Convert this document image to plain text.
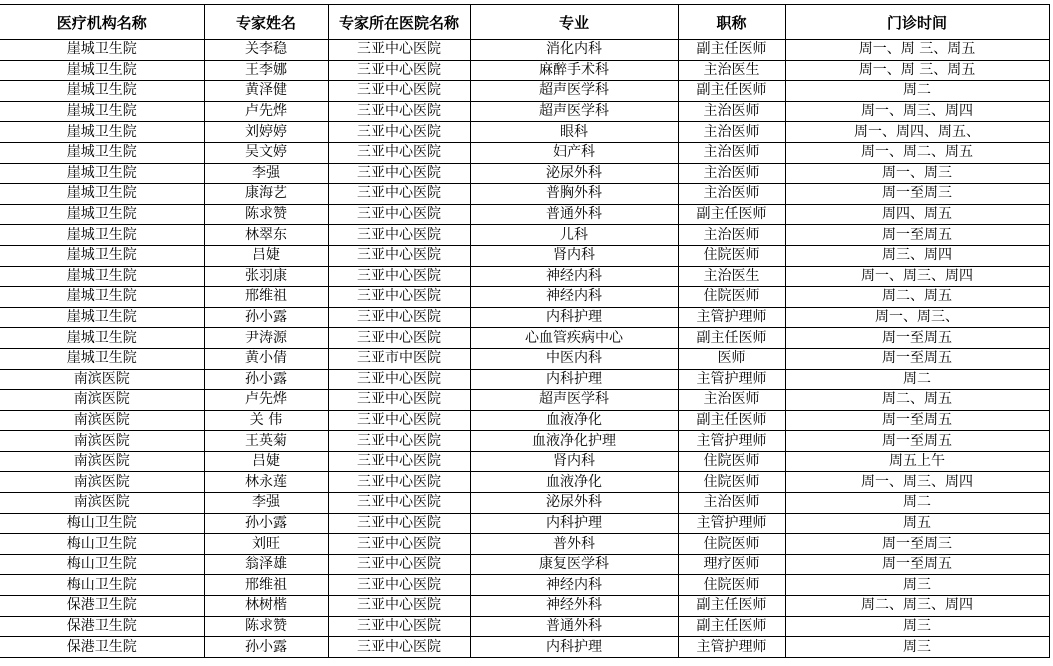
医疗机构名称	专家姓名	专家所在医院名称	专业	职称	门诊时间
崖城卫生院	关李稳	三亚中心医院	消化内科	副主任医师	周一、周 三、周五
崖城卫生院	王李娜	三亚中心医院	麻醉手术科	主治医生	周一、周 三、周五
崖城卫生院	黄泽健	三亚中心医院	超声医学科	副主任医师	周二
崖城卫生院	卢先烨	三亚中心医院	超声医学科	主治医师	周一、周三、周四
崖城卫生院	刘婷婷	三亚中心医院	眼科	主治医师	周一、周四、周五、
崖城卫生院	吴文婷	三亚中心医院	妇产科	主治医师	周一、周二、周五
崖城卫生院	李强	三亚中心医院	泌尿外科	主治医师	周一、周三
崖城卫生院	康海艺	三亚中心医院	普胸外科	主治医师	周一至周三
崖城卫生院	陈求赞	三亚中心医院	普通外科	副主任医师	周四、周五
崖城卫生院	林翠东	三亚中心医院	儿科	主治医师	周一至周五
崖城卫生院	吕婕	三亚中心医院	肾内科	住院医师	周三、周四
崖城卫生院	张羽康	三亚中心医院	神经内科	主治医生	周一、周三、周四
崖城卫生院	邢维祖	三亚中心医院	神经内科	住院医师	周二、周五
崖城卫生院	孙小露	三亚中心医院	内科护理	主管护理师	周一、周三、
崖城卫生院	尹涛源	三亚中心医院	心血管疾病中心	副主任医师	周一至周五
崖城卫生院	黄小倩	三亚市中医院	中医内科	医师	周一至周五
南滨医院	孙小露	三亚中心医院	内科护理	主管护理师	周二
南滨医院	卢先烨	三亚中心医院	超声医学科	主治医师	周二、周五
南滨医院	关 伟	三亚中心医院	血液净化	副主任医师	周一至周五
南滨医院	王英菊	三亚中心医院	血液净化护理	主管护理师	周一至周五
南滨医院	吕婕	三亚中心医院	肾内科	住院医师	周五上午
南滨医院	林永莲	三亚中心医院	血液净化	住院医师	周一、周三、周四
南滨医院	李强	三亚中心医院	泌尿外科	主治医师	周二
梅山卫生院	孙小露	三亚中心医院	内科护理	主管护理师	周五
梅山卫生院	刘旺	三亚中心医院	普外科	住院医师	周一至周三
梅山卫生院	翁泽雄	三亚中心医院	康复医学科	理疗医师	周一至周五
梅山卫生院	邢维祖	三亚中心医院	神经内科	住院医师	周三
保港卫生院	林树楷	三亚中心医院	神经外科	副主任医师	周二、周三、周四
保港卫生院	陈求赞	三亚中心医院	普通外科	副主任医师	周三
保港卫生院	孙小露	三亚中心医院	内科护理	主管护理师	周三
